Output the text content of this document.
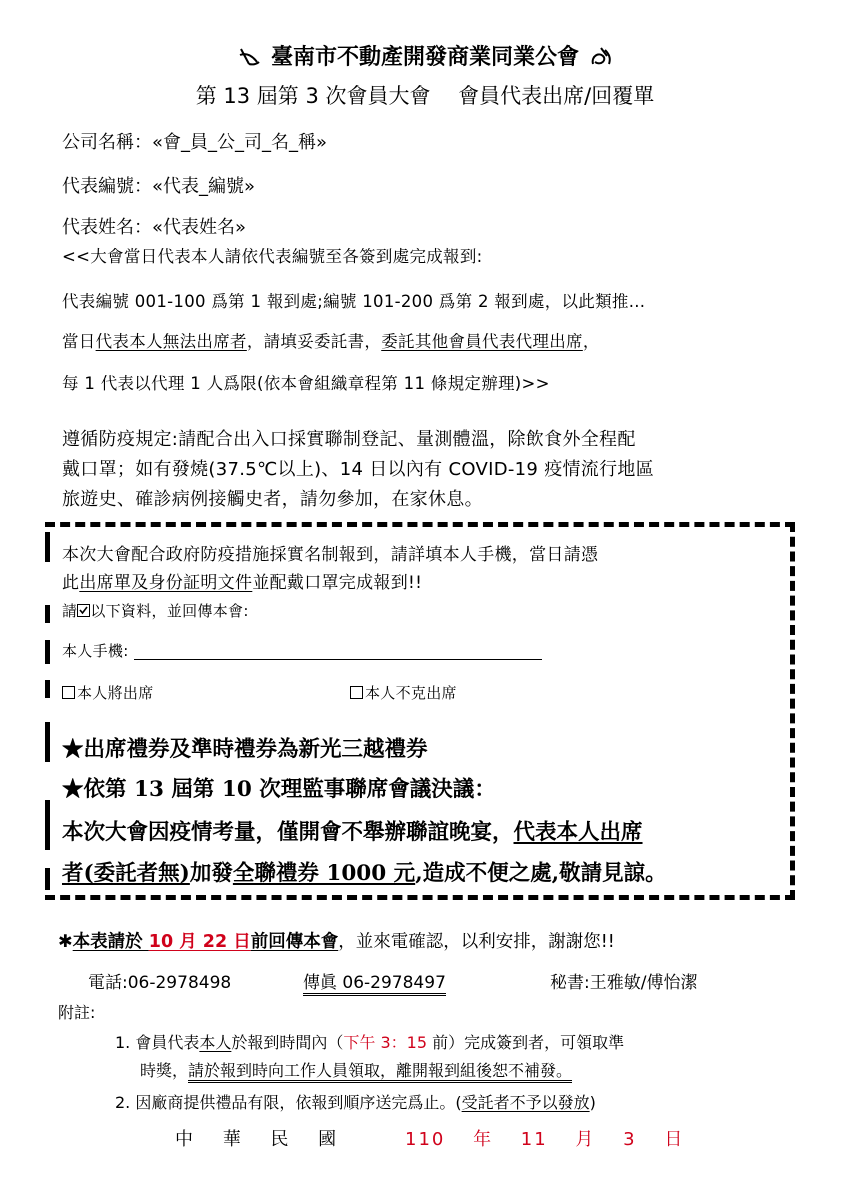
臺南市不動產開發商業同業公會
第 13 屆第 3 次會員大會　 會員代表出席/回覆單
公司名稱：«會_員_公_司_名_稱»
代表編號：«代表_編號»
代表姓名：«代表姓名»
<<大會當日代表本人請依代表編號至各簽到處完成報到:
代表編號 001-100 爲第 1 報到處;編號 101-200 爲第 2 報到處，以此類推...
當日代表本人無法出席者，請填妥委託書，委託其他會員代表代理出席，
每 1 代表以代理 1 人爲限(依本會組織章程第 11 條規定辦理)>>
遵循防疫規定:請配合出入口採實聯制登記、量測體溫，除飲食外全程配
戴口罩；如有發燒(37.5℃以上)、14 日以內有 COVID-19 疫情流行地區
旅遊史、確診病例接觸史者，請勿參加，在家休息。
本次大會配合政府防疫措施採實名制報到，請詳填本人手機，當日請憑
此出席單及身份証明文件並配戴口罩完成報到!!
請 以下資料，並回傳本會:
本人手機:
本人將出席	本人不克出席
★出席禮券及準時禮券為新光三越禮券
★依第 13 屆第 10 次理監事聯席會議決議：
本次大會因疫情考量，僅開會不舉辦聯誼晚宴，代表本人出席
者(委託者無)加發全聯禮券 1000 元,造成不便之處,敬請見諒。
✱本表請於 10 月 22 日前回傳本會，並來電確認，以利安排，謝謝您!!
電話:06-2978498	傳眞 06-2978497	秘書:王雅敏/傅怡潔
附註:
1. 會員代表本人於報到時間內（下午 3：15 前）完成簽到者，可領取準
時獎，請於報到時向工作人員領取，離開報到組後恕不補發。
2. 因廠商提供禮品有限，依報到順序送完爲止。(受託者不予以發放)
中　 華　 民　 國	110　 年　 11　 月　 3　 日
